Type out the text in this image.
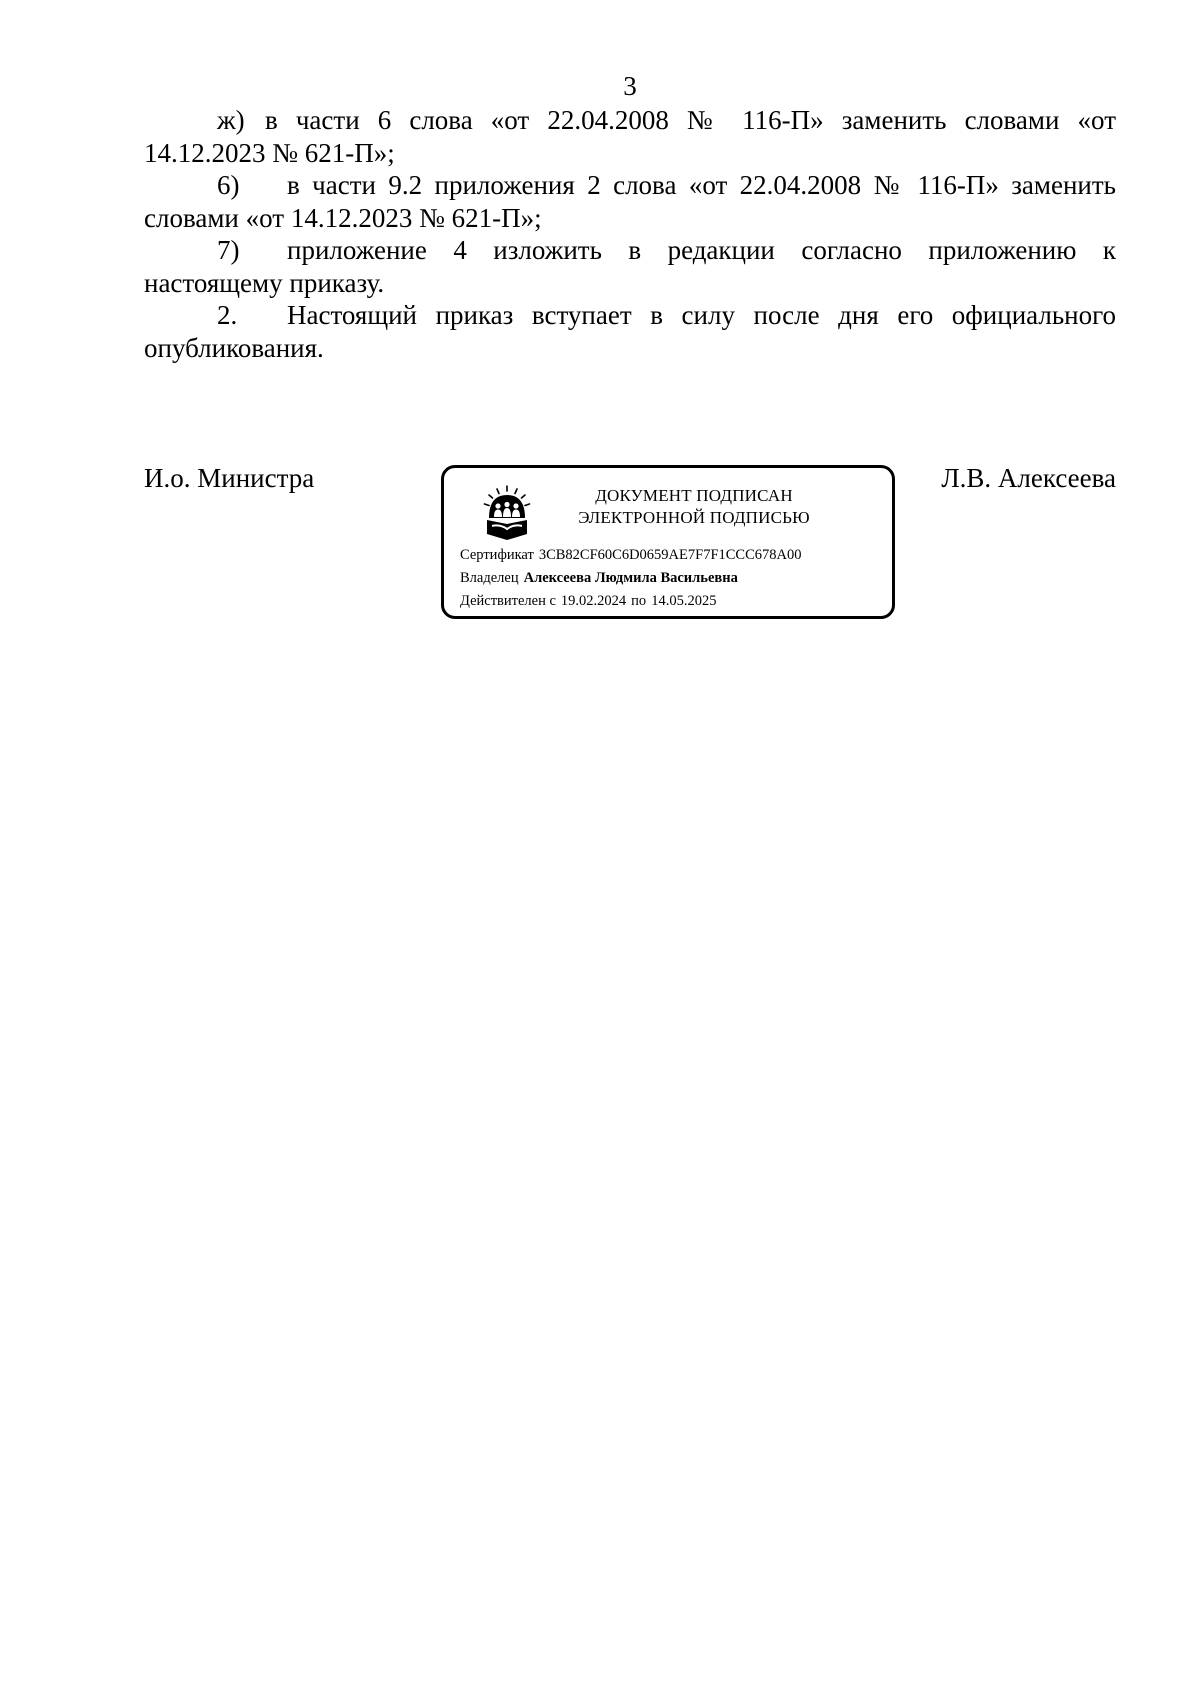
3
ж) в части 6 слова «от 22.04.2008 № 116-П» заменить словами «от

14.12.2023 № 621-П»;

6)	в части 9.2 приложения 2 слова «от 22.04.2008 № 116-П» заменить

словами «от 14.12.2023 № 621-П»;

7)	приложение 4 изложить в редакции согласно приложению к

настоящему приказу.

2.	Настоящий приказ вступает в силу после дня его официального

опубликования.

И.о. Министра	Л.В. Алексеева
ДОКУМЕНТ ПОДПИСАН
ЭЛЕКТРОННОЙ ПОДПИСЬЮ
Сертификат 3CB82CF60C6D0659AE7F7F1CCC678A00
Владелец Алексеева Людмила Васильевна
Действителен с 19.02.2024 по 14.05.2025
